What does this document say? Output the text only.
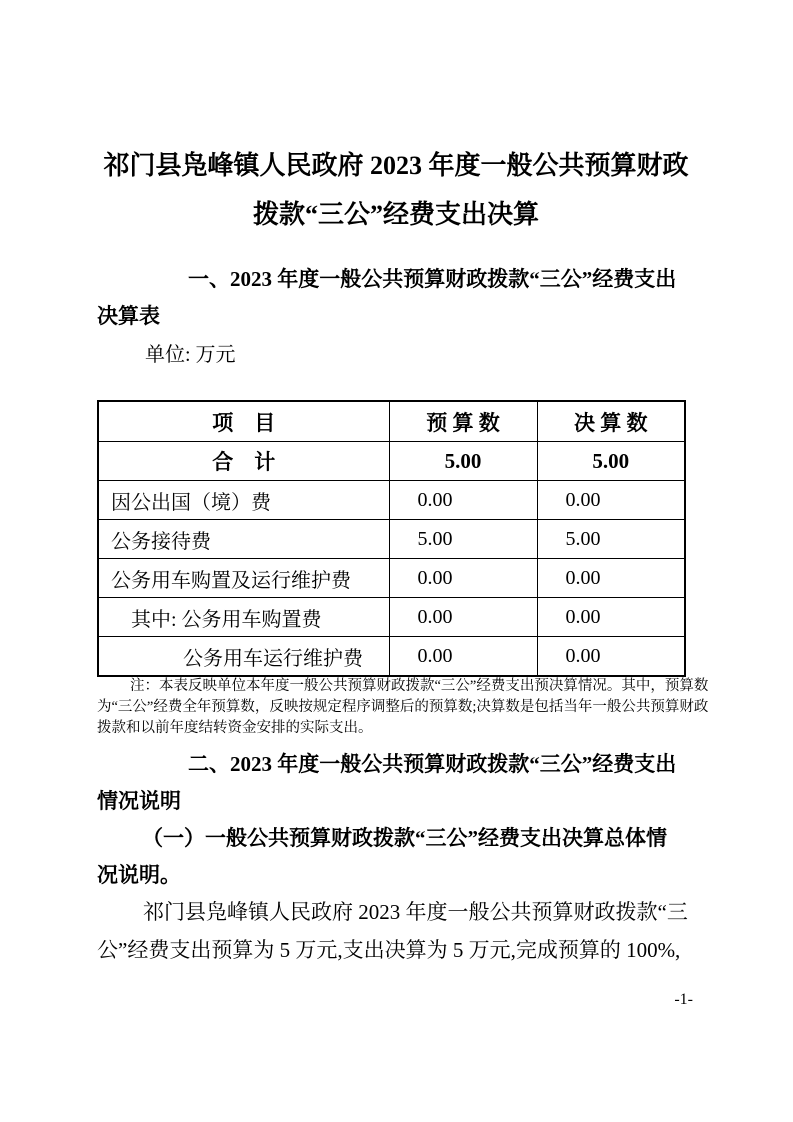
祁门县凫峰镇人民政府 2023 年度一般公共预算财政
拨款“三公”经费支出决算
一、2023 年度一般公共预算财政拨款“三公”经费支出
决算表
单位: 万元
项　目	预 算 数	决 算 数
合　计	5.00	5.00
因公出国（境）费	0.00	0.00
公务接待费	5.00	5.00
公务用车购置及运行维护费	0.00	0.00
其中: 公务用车购置费	0.00	0.00
公务用车运行维护费	0.00	0.00
注：本表反映单位本年度一般公共预算财政拨款“三公”经费支出预决算情况。其中，预算数
为“三公”经费全年预算数，反映按规定程序调整后的预算数;决算数是包括当年一般公共预算财政
拨款和以前年度结转资金安排的实际支出。
二、2023 年度一般公共预算财政拨款“三公”经费支出
情况说明
（一）一般公共预算财政拨款“三公”经费支出决算总体情
况说明。
祁门县凫峰镇人民政府 2023 年度一般公共预算财政拨款“三
公”经费支出预算为 5 万元,支出决算为 5 万元,完成预算的 100%,
-1-
